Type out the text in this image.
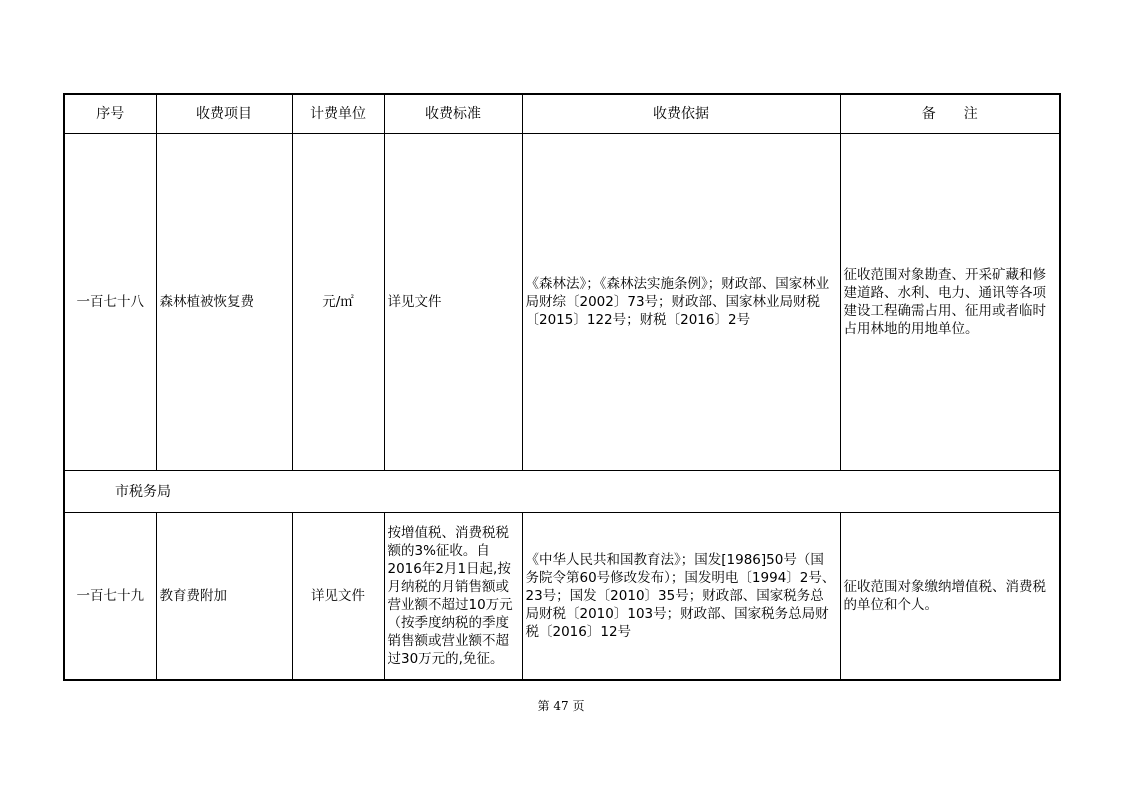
序号	收费项目	计费单位	收费标准	收费依据	备　　注
一百七十八	森林植被恢复费	元/㎡	详见文件	《森林法》；《森林法实施条例》；财政部、国家林业局财综〔2002〕73号；财政部、国家林业局财税〔2015〕122号；财税〔2016〕2号	征收范围对象勘查、开采矿藏和修建道路、水利、电力、通讯等各项建设工程确需占用、征用或者临时占用林地的用地单位。
市税务局					
一百七十九	教育费附加	详见文件	按增值税、消费税税额的3%征收。自2016年2月1日起,按月纳税的月销售额或营业额不超过10万元（按季度纳税的季度销售额或营业额不超过30万元的,免征。	《中华人民共和国教育法》；国发[1986]50号（国务院令第60号修改发布）；国发明电〔1994〕2号、23号；国发〔2010〕35号；财政部、国家税务总局财税〔2010〕103号；财政部、国家税务总局财税〔2016〕12号	征收范围对象缴纳增值税、消费税的单位和个人。
第 47 页
